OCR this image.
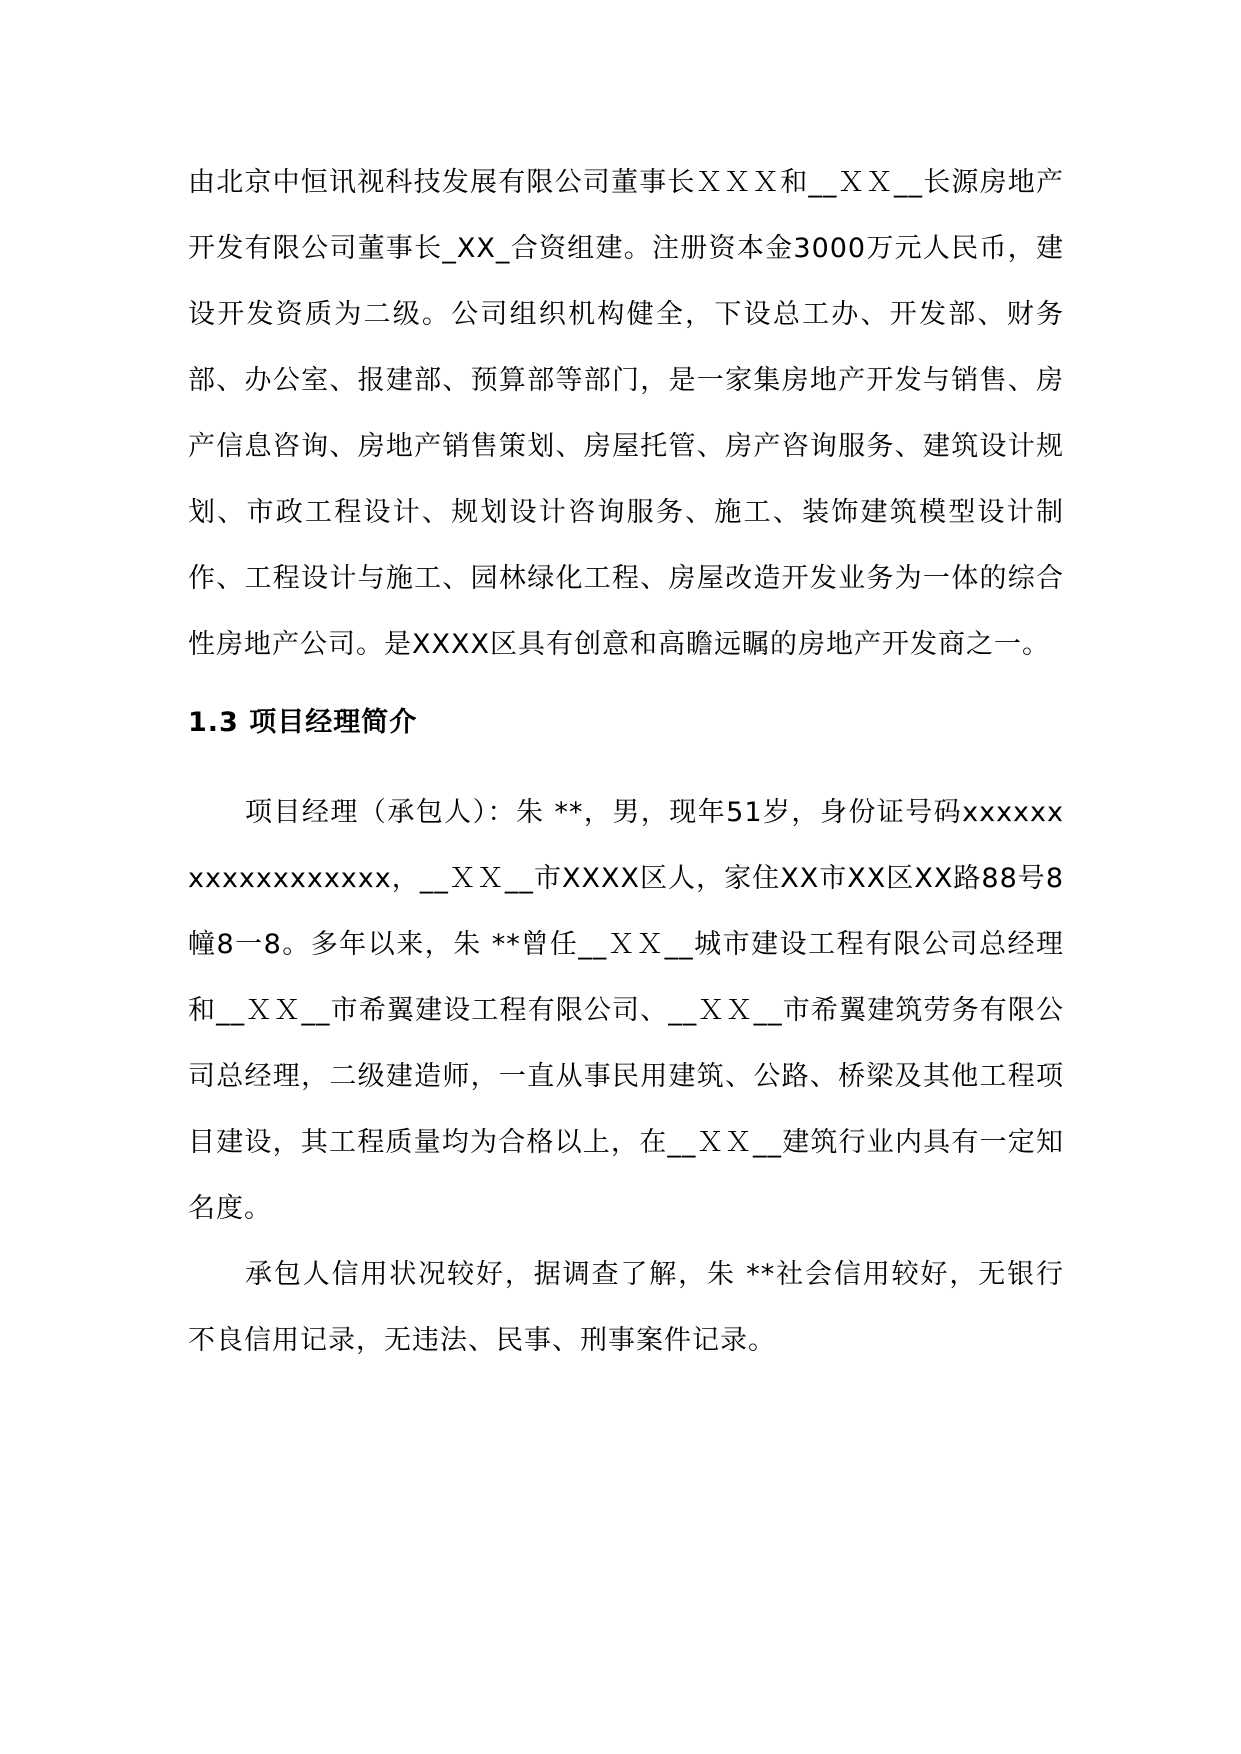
由北京中恒讯视科技发展有限公司董事长ＸＸＸ和__ＸＸ__长源房地产开发有限公司董事长_XX_合资组建。注册资本金3000万元人民币，建设开发资质为二级。公司组织机构健全，下设总工办、开发部、财务部、办公室、报建部、预算部等部门，是一家集房地产开发与销售、房产信息咨询、房地产销售策划、房屋托管、房产咨询服务、建筑设计规划、市政工程设计、规划设计咨询服务、施工、装饰建筑模型设计制作、工程设计与施工、园林绿化工程、房屋改造开发业务为一体的综合性房地产公司。是XXXX区具有创意和高瞻远瞩的房地产开发商之一。

1.3 项目经理简介

项目经理（承包人）：朱 **，男，现年51岁，身份证号码xxxxxxxxxxxxxxxxxx，__ＸＸ__市XXXX区人，家住XX市XX区XX路88号8幢8一8。多年以来，朱 **曾任__ＸＸ__城市建设工程有限公司总经理和__ＸＸ__市希翼建设工程有限公司、__ＸＸ__市希翼建筑劳务有限公司总经理，二级建造师，一直从事民用建筑、公路、桥梁及其他工程项目建设，其工程质量均为合格以上，在__ＸＸ__建筑行业内具有一定知名度。

承包人信用状况较好，据调查了解，朱 **社会信用较好，无银行不良信用记录，无违法、民事、刑事案件记录。
